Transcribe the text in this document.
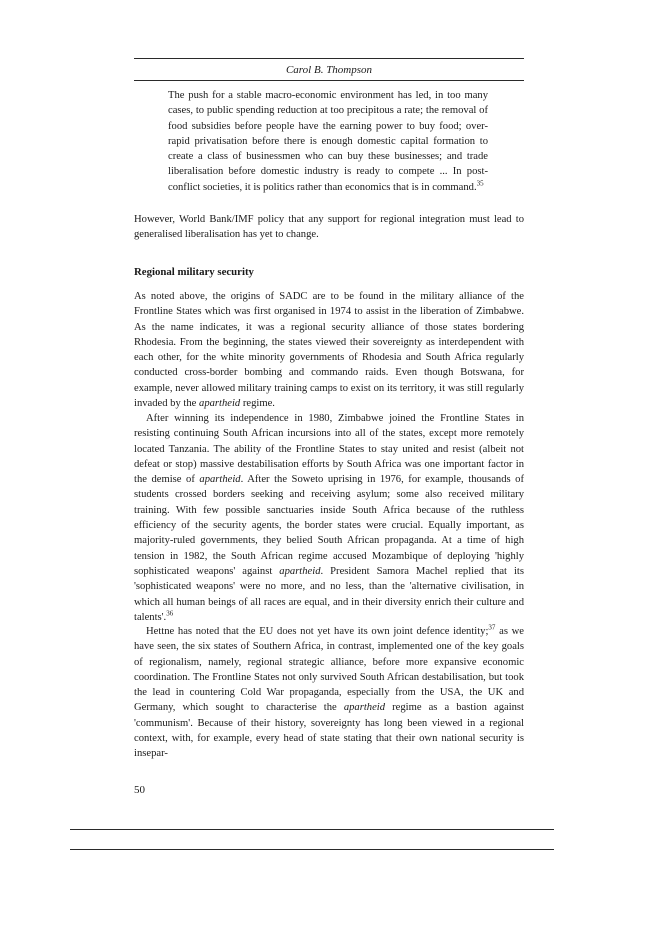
Carol B. Thompson

The push for a stable macro-economic environment has led, in too many cases, to public spending reduction at too precipitous a rate; the removal of food subsidies before people have the earning power to buy food; over-rapid privatisation before there is enough domestic capital formation to create a class of businessmen who can buy these businesses; and trade liberalisation before domestic industry is ready to compete ... In post-conflict societies, it is politics rather than economics that is in command.$^{35}$

However, World Bank/IMF policy that any support for regional integration must lead to generalised liberalisation has yet to change.

Regional military security

As noted above, the origins of SADC are to be found in the military alliance of the Frontline States which was first organised in 1974 to assist in the liberation of Zimbabwe. As the name indicates, it was a regional security alliance of those states bordering Rhodesia. From the beginning, the states viewed their sovereignty as interdependent with each other, for the white minority governments of Rhodesia and South Africa regularly conducted cross-border bombing and commando raids. Even though Botswana, for example, never allowed military training camps to exist on its territory, it was still regularly invaded by the apartheid regime.

After winning its independence in 1980, Zimbabwe joined the Frontline States in resisting continuing South African incursions into all of the states, except more remotely located Tanzania. The ability of the Frontline States to stay united and resist (albeit not defeat or stop) massive destabilisation efforts by South Africa was one important factor in the demise of apartheid. After the Soweto uprising in 1976, for example, thousands of students crossed borders seeking and receiving asylum; some also received military training. With few possible sanctuaries inside South Africa because of the ruthless efficiency of the security agents, the border states were crucial. Equally important, as majority-ruled governments, they belied South African propaganda. At a time of high tension in 1982, the South African regime accused Mozambique of deploying 'highly sophisticated weapons' against apartheid. President Samora Machel replied that its 'sophisticated weapons' were no more, and no less, than the 'alternative civilisation, in which all human beings of all races are equal, and in their diversity enrich their culture and talents'.$^{36}$

Hettne has noted that the EU does not yet have its own joint defence identity;$^{37}$ as we have seen, the six states of Southern Africa, in contrast, implemented one of the key goals of regionalism, namely, regional strategic alliance, before more expansive economic coordination. The Frontline States not only survived South African destabilisation, but took the lead in countering Cold War propaganda, especially from the USA, the UK and Germany, which sought to characterise the apartheid regime as a bastion against 'communism'. Because of their history, sovereignty has long been viewed in a regional context, with, for example, every head of state stating that their own national security is insepar-

50
